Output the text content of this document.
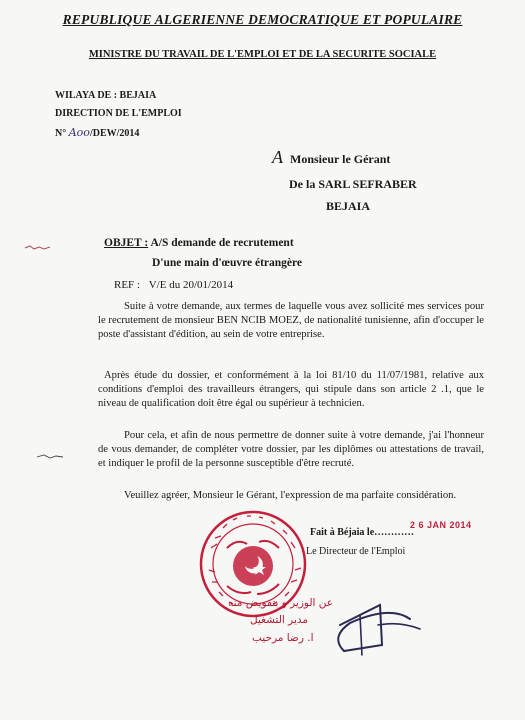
REPUBLIQUE ALGERIENNE DEMOCRATIQUE ET POPULAIRE
MINISTRE DU TRAVAIL DE L'EMPLOI ET DE LA SECURITE SOCIALE
WILAYA DE : BEJAIA
DIRECTION DE L'EMPLOI
N° Aoo/DEW/2014
A Monsieur le Gérant
De la SARL SEFRABER
BEJAIA
OBJET : A/S demande de recrutement
D'une main d'œuvre étrangère
REF : V/E du 20/01/2014
Suite à votre demande, aux termes de laquelle vous avez sollicité mes services pour le recrutement de monsieur BEN NCIB MOEZ, de nationalité tunisienne, afin d'occuper le poste d'assistant d'édition, au sein de votre entreprise.
Après étude du dossier, et conformément à la loi 81/10 du 11/07/1981, relative aux conditions d'emploi des travailleurs étrangers, qui stipule dans son article 2 .1, que le niveau de qualification doit être égal ou supérieur à technicien.
Pour cela, et afin de nous permettre de donner suite à votre demande, j'ai l'honneur de vous demander, de compléter votre dossier, par les diplômes ou attestations de travail, et indiquer le profil de la personne susceptible d'être recruté.
Veuillez agréer, Monsieur le Gérant, l'expression de ma parfaite considération.
Fait à Béjaia le…………
2 6 JAN 2014
Le Directeur de l'Emploi
عن الوزير و بتفويض منه
مدير التشغيل
ا. رضا مرحيب
